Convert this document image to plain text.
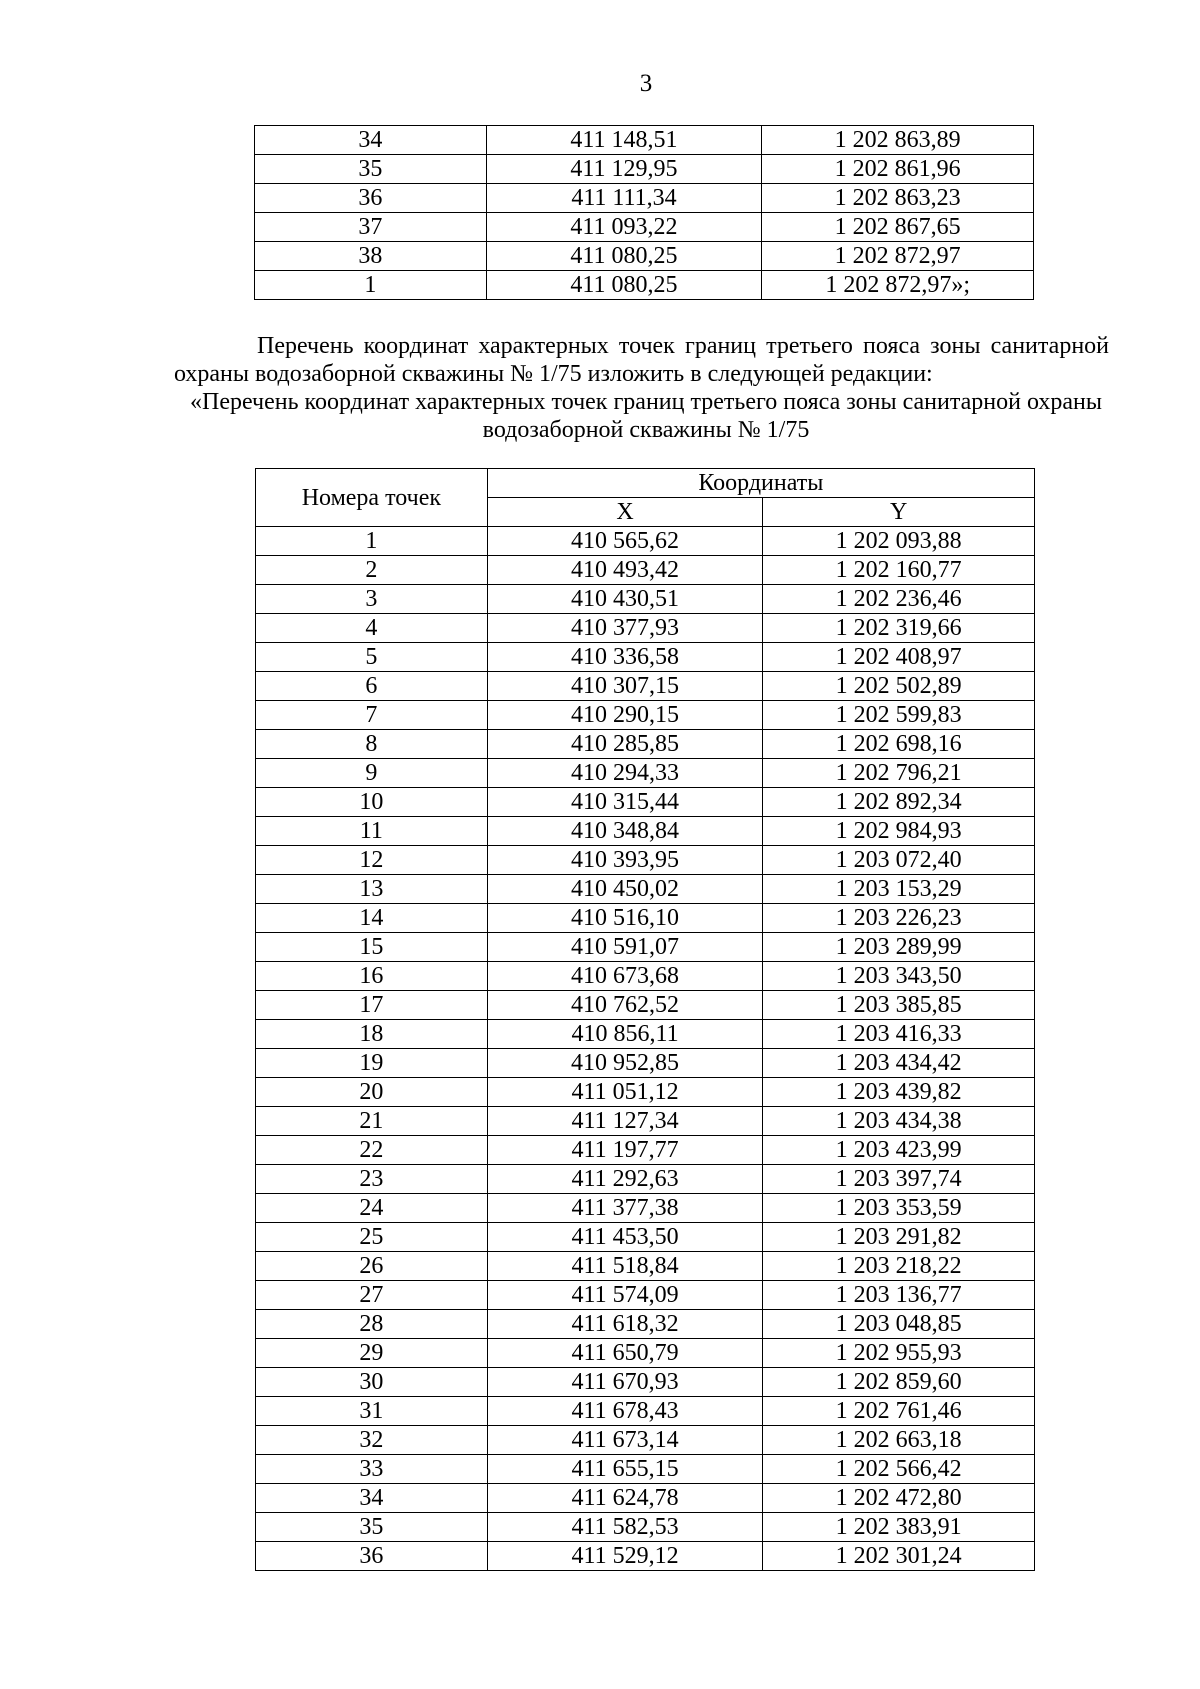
3
34	411 148,51	1 202 863,89
35	411 129,95	1 202 861,96
36	411 111,34	1 202 863,23
37	411 093,22	1 202 867,65
38	411 080,25	1 202 872,97
1	411 080,25	1 202 872,97»;
Перечень координат характерных точек границ третьего пояса зоны санитарной охраны водозаборной скважины № 1/75 изложить в следующей редакции:
«Перечень координат характерных точек границ третьего пояса зоны санитарной охраны
водозаборной скважины № 1/75
Номера точек	Координаты	
	X	Y
1	410 565,62	1 202 093,88
2	410 493,42	1 202 160,77
3	410 430,51	1 202 236,46
4	410 377,93	1 202 319,66
5	410 336,58	1 202 408,97
6	410 307,15	1 202 502,89
7	410 290,15	1 202 599,83
8	410 285,85	1 202 698,16
9	410 294,33	1 202 796,21
10	410 315,44	1 202 892,34
11	410 348,84	1 202 984,93
12	410 393,95	1 203 072,40
13	410 450,02	1 203 153,29
14	410 516,10	1 203 226,23
15	410 591,07	1 203 289,99
16	410 673,68	1 203 343,50
17	410 762,52	1 203 385,85
18	410 856,11	1 203 416,33
19	410 952,85	1 203 434,42
20	411 051,12	1 203 439,82
21	411 127,34	1 203 434,38
22	411 197,77	1 203 423,99
23	411 292,63	1 203 397,74
24	411 377,38	1 203 353,59
25	411 453,50	1 203 291,82
26	411 518,84	1 203 218,22
27	411 574,09	1 203 136,77
28	411 618,32	1 203 048,85
29	411 650,79	1 202 955,93
30	411 670,93	1 202 859,60
31	411 678,43	1 202 761,46
32	411 673,14	1 202 663,18
33	411 655,15	1 202 566,42
34	411 624,78	1 202 472,80
35	411 582,53	1 202 383,91
36	411 529,12	1 202 301,24
